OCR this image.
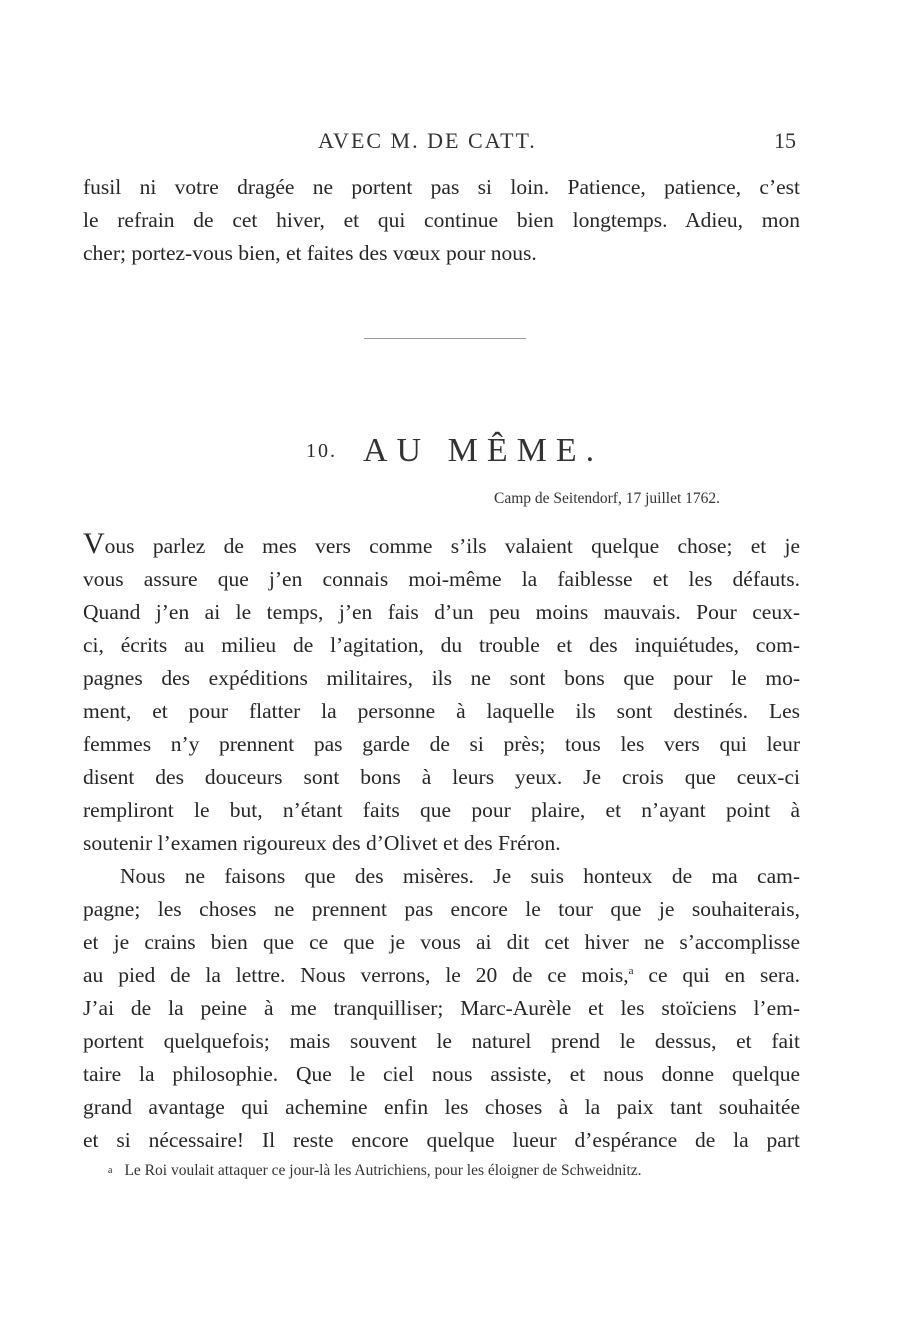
AVEC M. DE CATT.	15
fusil ni votre dragée ne portent pas si loin. Patience, patience, c’est
le refrain de cet hiver, et qui continue bien longtemps. Adieu, mon
cher; portez-vous bien, et faites des vœux pour nous.
10. AU MÊME.
Camp de Seitendorf, 17 juillet 1762.
Vous parlez de mes vers comme s’ils valaient quelque chose; et je
vous assure que j’en connais moi-même la faiblesse et les défauts.
Quand j’en ai le temps, j’en fais d’un peu moins mauvais. Pour ceux-
ci, écrits au milieu de l’agitation, du trouble et des inquiétudes, com-
pagnes des expéditions militaires, ils ne sont bons que pour le mo-
ment, et pour flatter la personne à laquelle ils sont destinés. Les
femmes n’y prennent pas garde de si près; tous les vers qui leur
disent des douceurs sont bons à leurs yeux. Je crois que ceux-ci
rempliront le but, n’étant faits que pour plaire, et n’ayant point à
soutenir l’examen rigoureux des d’Olivet et des Fréron.
Nous ne faisons que des misères. Je suis honteux de ma cam-
pagne; les choses ne prennent pas encore le tour que je souhaiterais,
et je crains bien que ce que je vous ai dit cet hiver ne s’accomplisse
au pied de la lettre. Nous verrons, le 20 de ce mois,$^a$ ce qui en sera.
J’ai de la peine à me tranquilliser; Marc-Aurèle et les stoïciens l’em-
portent quelquefois; mais souvent le naturel prend le dessus, et fait
taire la philosophie. Que le ciel nous assiste, et nous donne quelque
grand avantage qui achemine enfin les choses à la paix tant souhaitée
et si nécessaire! Il reste encore quelque lueur d’espérance de la part
a Le Roi voulait attaquer ce jour-là les Autrichiens, pour les éloigner de Schweidnitz.
